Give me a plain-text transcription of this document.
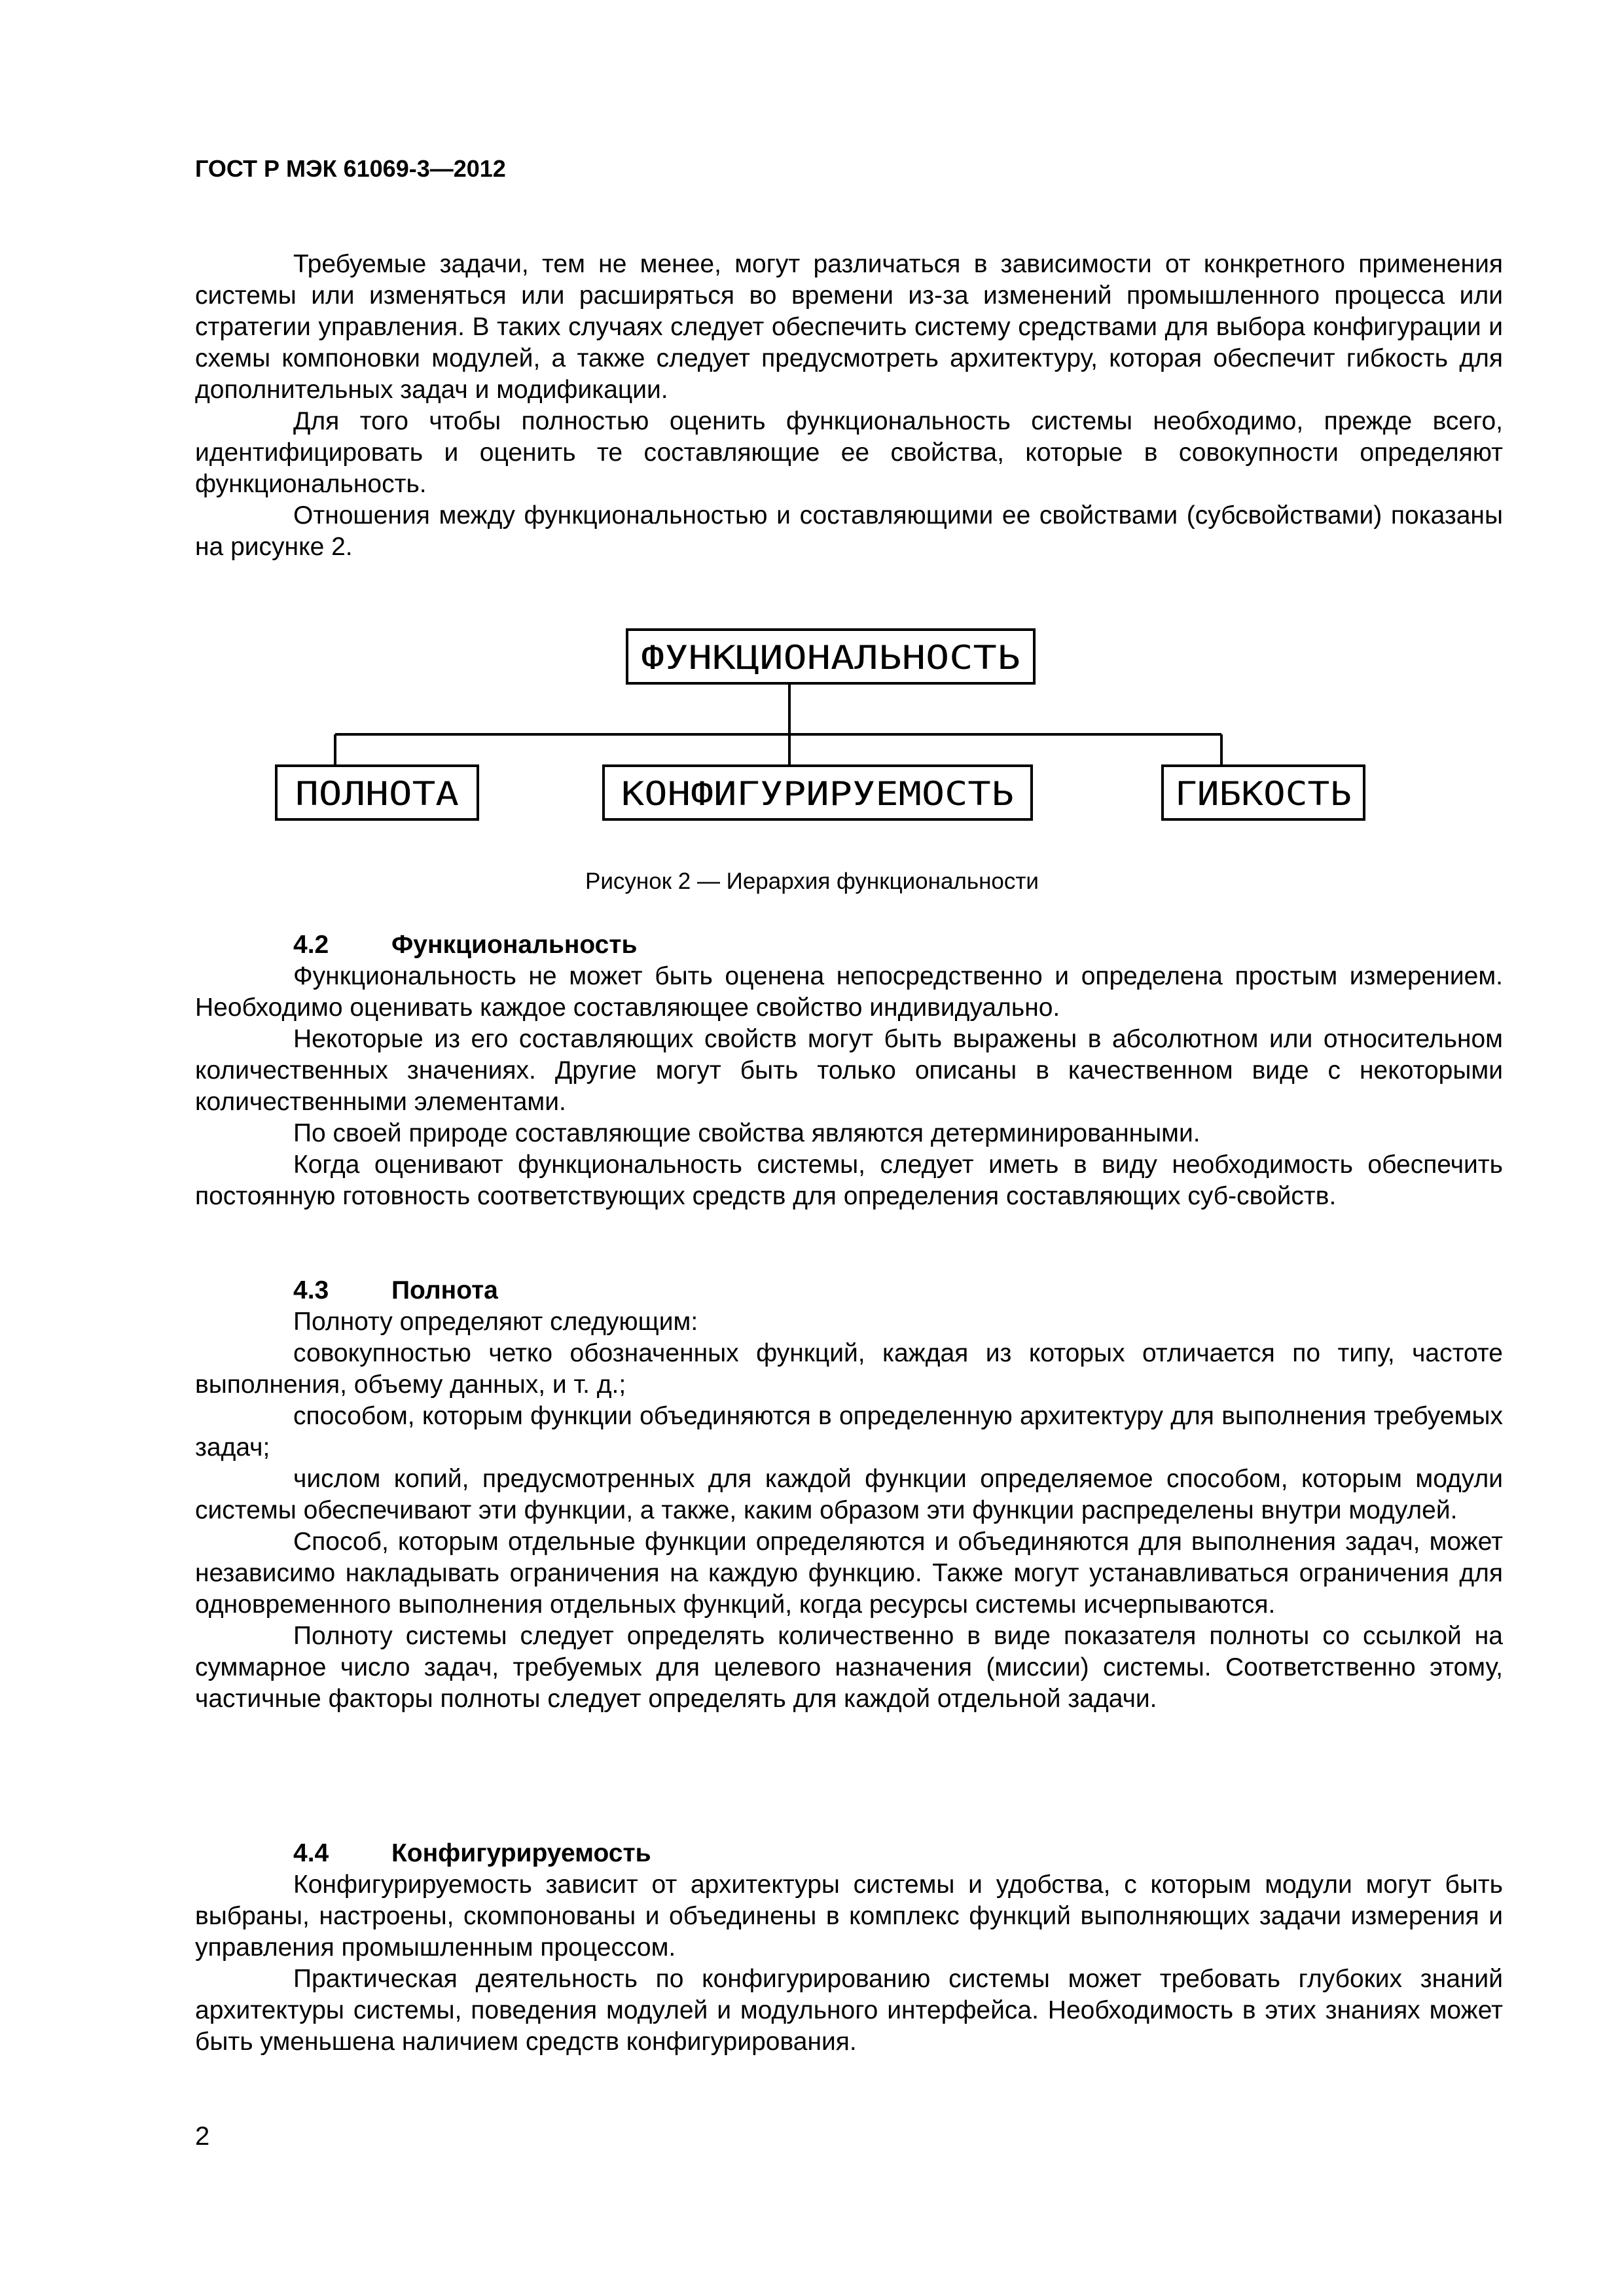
ГОСТ Р МЭК 61069-3—2012

Требуемые задачи, тем не менее, могут различаться в зависимости от конкретного применения системы или изменяться или расширяться во времени из-за изменений промышленного процесса или стратегии управления. В таких случаях следует обеспечить систему средствами для выбора конфигурации и схемы компоновки модулей, а также следует предусмотреть архитектуру, которая обеспечит гибкость для дополнительных задач и модификации.

Для того чтобы полностью оценить функциональность системы необходимо, прежде всего, идентифицировать и оценить те составляющие ее свойства, которые в совокупности определяют функциональность.

Отношения между функциональностью и составляющими ее свойствами (субсвойствами) показаны на рисунке 2.

ФУНКЦИОНАЛЬНОСТЬ
ПОЛНОТА	КОНФИГУРИРУЕМОСТЬ	ГИБКОСТЬ
Рисунок 2 — Иерархия функциональности
4.2 Функциональность

Функциональность не может быть оценена непосредственно и определена простым измерением. Необходимо оценивать каждое составляющее свойство индивидуально.

Некоторые из его составляющих свойств могут быть выражены в абсолютном или относительном количественных значениях. Другие могут быть только описаны в качественном виде с некоторыми количественными элементами.

По своей природе составляющие свойства являются детерминированными.

Когда оценивают функциональность системы, следует иметь в виду необходимость обеспечить постоянную готовность соответствующих средств для определения составляющих суб-свойств.

4.3 Полнота

Полноту определяют следующим:

совокупностью четко обозначенных функций, каждая из которых отличается по типу, частоте выполнения, объему данных, и т. д.;

способом, которым функции объединяются в определенную архитектуру для выполнения требуемых задач;

числом копий, предусмотренных для каждой функции определяемое способом, которым модули системы обеспечивают эти функции, а также, каким образом эти функции распределены внутри модулей.

Способ, которым отдельные функции определяются и объединяются для выполнения задач, может независимо накладывать ограничения на каждую функцию. Также могут устанавливаться ограничения для одновременного выполнения отдельных функций, когда ресурсы системы исчерпываются.

Полноту системы следует определять количественно в виде показателя полноты со ссылкой на суммарное число задач, требуемых для целевого назначения (миссии) системы. Соответственно этому, частичные факторы полноты следует определять для каждой отдельной задачи.

4.4 Конфигурируемость

Конфигурируемость зависит от архитектуры системы и удобства, с которым модули могут быть выбраны, настроены, скомпонованы и объединены в комплекс функций выполняющих задачи измерения и управления промышленным процессом.

Практическая деятельность по конфигурированию системы может требовать глубоких знаний архитектуры системы, поведения модулей и модульного интерфейса. Необходимость в этих знаниях может быть уменьшена наличием средств конфигурирования.

2
